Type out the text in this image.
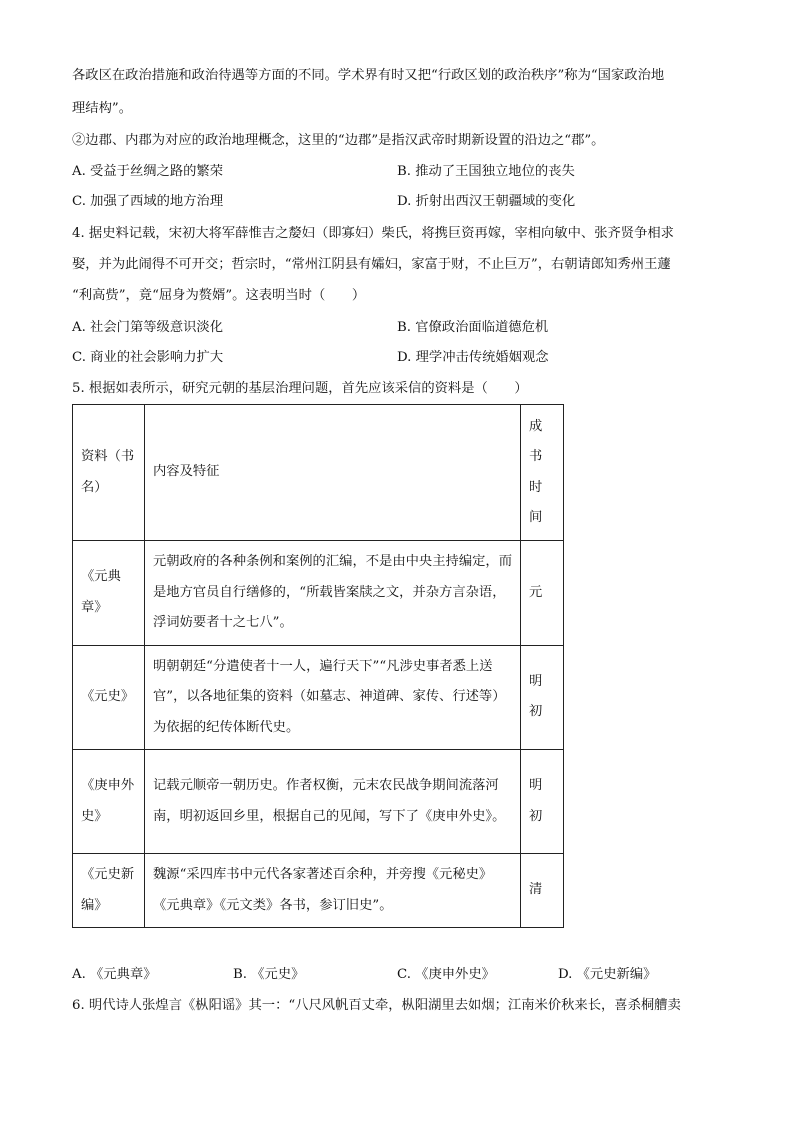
各政区在政治措施和政治待遇等方面的不同。学术界有时又把“行政区划的政治秩序”称为“国家政治地
理结构”。
②边郡、内郡为对应的政治地理概念，这里的“边郡”是指汉武帝时期新设置的沿边之“郡”。
A. 受益于丝绸之路的繁荣	B. 推动了王国独立地位的丧失
C. 加强了西域的地方治理	D. 折射出西汉王朝疆域的变化
4. 据史料记载，宋初大将军薛惟吉之嫠妇（即寡妇）柴氏，将携巨资再嫁，宰相向敏中、张齐贤争相求
娶，并为此闹得不可开交；哲宗时，“常州江阴县有孀妇，家富于财，不止巨万”，右朝请郎知秀州王蘧
“利高赀”，竟“屈身为赘婿”。这表明当时（　　）
A. 社会门第等级意识淡化	B. 官僚政治面临道德危机
C. 商业的社会影响力扩大	D. 理学冲击传统婚姻观念
5. 根据如表所示，研究元朝的基层治理问题，首先应该采信的资料是（　　）
资料（书名）	内容及特征	成书时间
《元典章》	元朝政府的各种条例和案例的汇编，不是由中央主持编定，而是地方官员自行缮修的，“所载皆案牍之文，并杂方言杂语，浮词妨要者十之七八”。	元
《元史》	明朝朝廷“分遣使者十一人，遍行天下”“凡涉史事者悉上送官”，以各地征集的资料（如墓志、神道碑、家传、行述等）为依据的纪传体断代史。	明初
《庚申外史》	记载元顺帝一朝历史。作者权衡，元末农民战争期间流落河南，明初返回乡里，根据自己的见闻，写下了《庚申外史》。	明初
《元史新编》	魏源“采四库书中元代各家著述百余种，并旁搜《元秘史》《元典章》《元文类》各书，参订旧史”。	清
A. 《元典章》	B. 《元史》	C. 《庚申外史》	D. 《元史新编》
6. 明代诗人张煌言《枞阳谣》其一：“八尺风帆百丈牵，枞阳湖里去如烟；江南米价秋来长，喜杀桐艚卖
